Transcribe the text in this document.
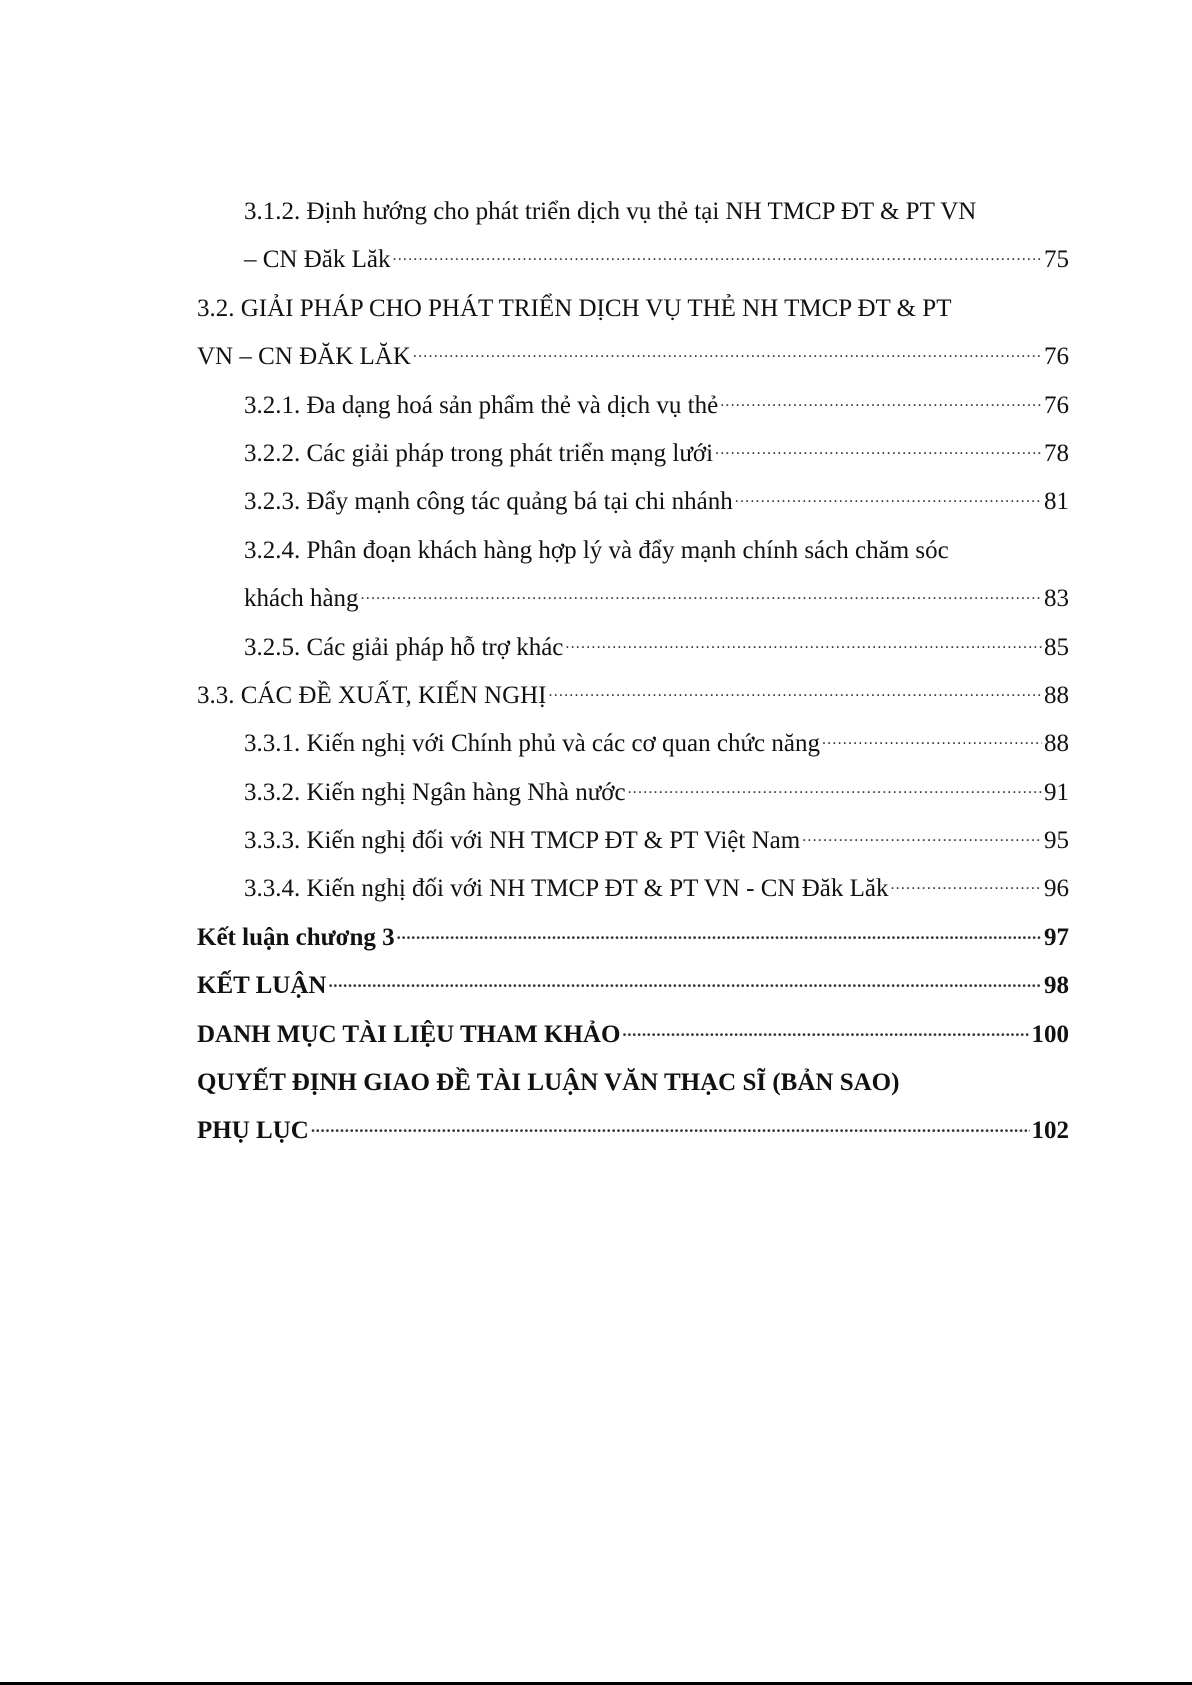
3.1.2. Định hướng cho phát triển dịch vụ thẻ tại NH TMCP ĐT & PT VN
– CN Đăk Lăk .....	75
3.2. GIẢI PHÁP CHO PHÁT TRIỂN DỊCH VỤ THẺ NH TMCP ĐT & PT
VN – CN ĐĂK LĂK .....	76
3.2.1. Đa dạng hoá sản phẩm thẻ và dịch vụ thẻ .....	76
3.2.2. Các giải pháp trong phát triển mạng lưới .....	78
3.2.3. Đẩy mạnh công tác quảng bá tại chi nhánh .....	81
3.2.4. Phân đoạn khách hàng hợp lý và đẩy mạnh chính sách chăm sóc
khách hàng .....	83
3.2.5. Các giải pháp hỗ trợ khác .....	85
3.3. CÁC ĐỀ XUẤT, KIẾN NGHỊ .....	88
3.3.1. Kiến nghị với Chính phủ và các cơ quan chức năng .....	88
3.3.2. Kiến nghị Ngân hàng Nhà nước .....	91
3.3.3. Kiến nghị đối với NH TMCP ĐT & PT Việt Nam .....	95
3.3.4. Kiến nghị đối với NH TMCP ĐT & PT VN - CN Đăk Lăk .....	96
Kết luận chương 3 .....	97
KẾT LUẬN .....	98
DANH MỤC TÀI LIỆU THAM KHẢO .....	100
QUYẾT ĐỊNH GIAO ĐỀ TÀI LUẬN VĂN THẠC SĨ (BẢN SAO)
PHỤ LỤC .....	102
